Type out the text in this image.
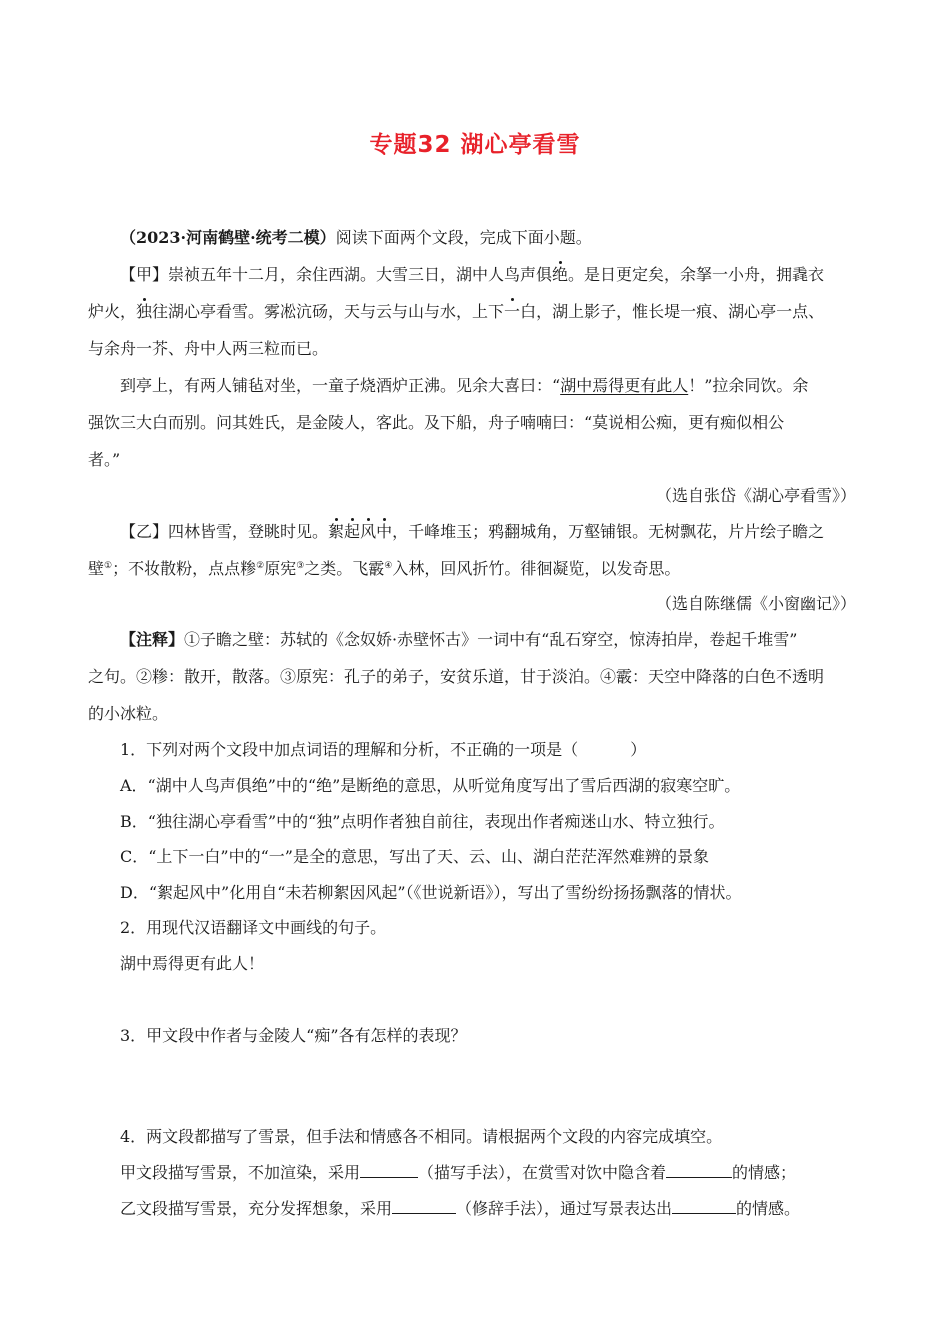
专题32 湖心亭看雪
（2023·河南鹤壁·统考二模）阅读下面两个文段，完成下面小题。
【甲】崇祯五年十二月，余住西湖。大雪三日，湖中人鸟声俱绝。是日更定矣，余拏一小舟，拥毳衣
炉火，独往湖心亭看雪。雾凇沆砀，天与云与山与水，上下一白，湖上影子，惟长堤一痕、湖心亭一点、
与余舟一芥、舟中人两三粒而已。
到亭上，有两人铺毡对坐，一童子烧酒炉正沸。见余大喜曰：“湖中焉得更有此人！”拉余同饮。余
强饮三大白而别。问其姓氏，是金陵人，客此。及下船，舟子喃喃曰：“莫说相公痴，更有痴似相公
者。”
（选自张岱《湖心亭看雪》）
【乙】四林皆雪，登眺时见。絮起风中，千峰堆玉；鸦翻城角，万壑铺银。无树飘花，片片绘子瞻之
壁①；不妆散粉，点点糁②原宪③之类。飞霰④入林，回风折竹。徘徊凝览，以发奇思。
（选自陈继儒《小窗幽记》）
【注释】①子瞻之壁：苏轼的《念奴娇·赤壁怀古》一词中有“乱石穿空，惊涛拍岸，卷起千堆雪”
之句。②糁：散开，散落。③原宪：孔子的弟子，安贫乐道，甘于淡泊。④霰：天空中降落的白色不透明
的小冰粒。
1．下列对两个文段中加点词语的理解和分析，不正确的一项是（	）
A．“湖中人鸟声俱绝”中的“绝”是断绝的意思，从听觉角度写出了雪后西湖的寂寒空旷。
B．“独往湖心亭看雪”中的“独”点明作者独自前往，表现出作者痴迷山水、特立独行。
C．“上下一白”中的“一”是全的意思，写出了天、云、山、湖白茫茫浑然难辨的景象
D．“絮起风中”化用自“未若柳絮因风起”（《世说新语》），写出了雪纷纷扬扬飘落的情状。
2．用现代汉语翻译文中画线的句子。
湖中焉得更有此人！
3．甲文段中作者与金陵人“痴”各有怎样的表现？
4．两文段都描写了雪景，但手法和情感各不相同。请根据两个文段的内容完成填空。
甲文段描写雪景，不加渲染，采用	（描写手法），在赏雪对饮中隐含着	的情感；
乙文段描写雪景，充分发挥想象，采用	（修辞手法），通过写景表达出	的情感。
